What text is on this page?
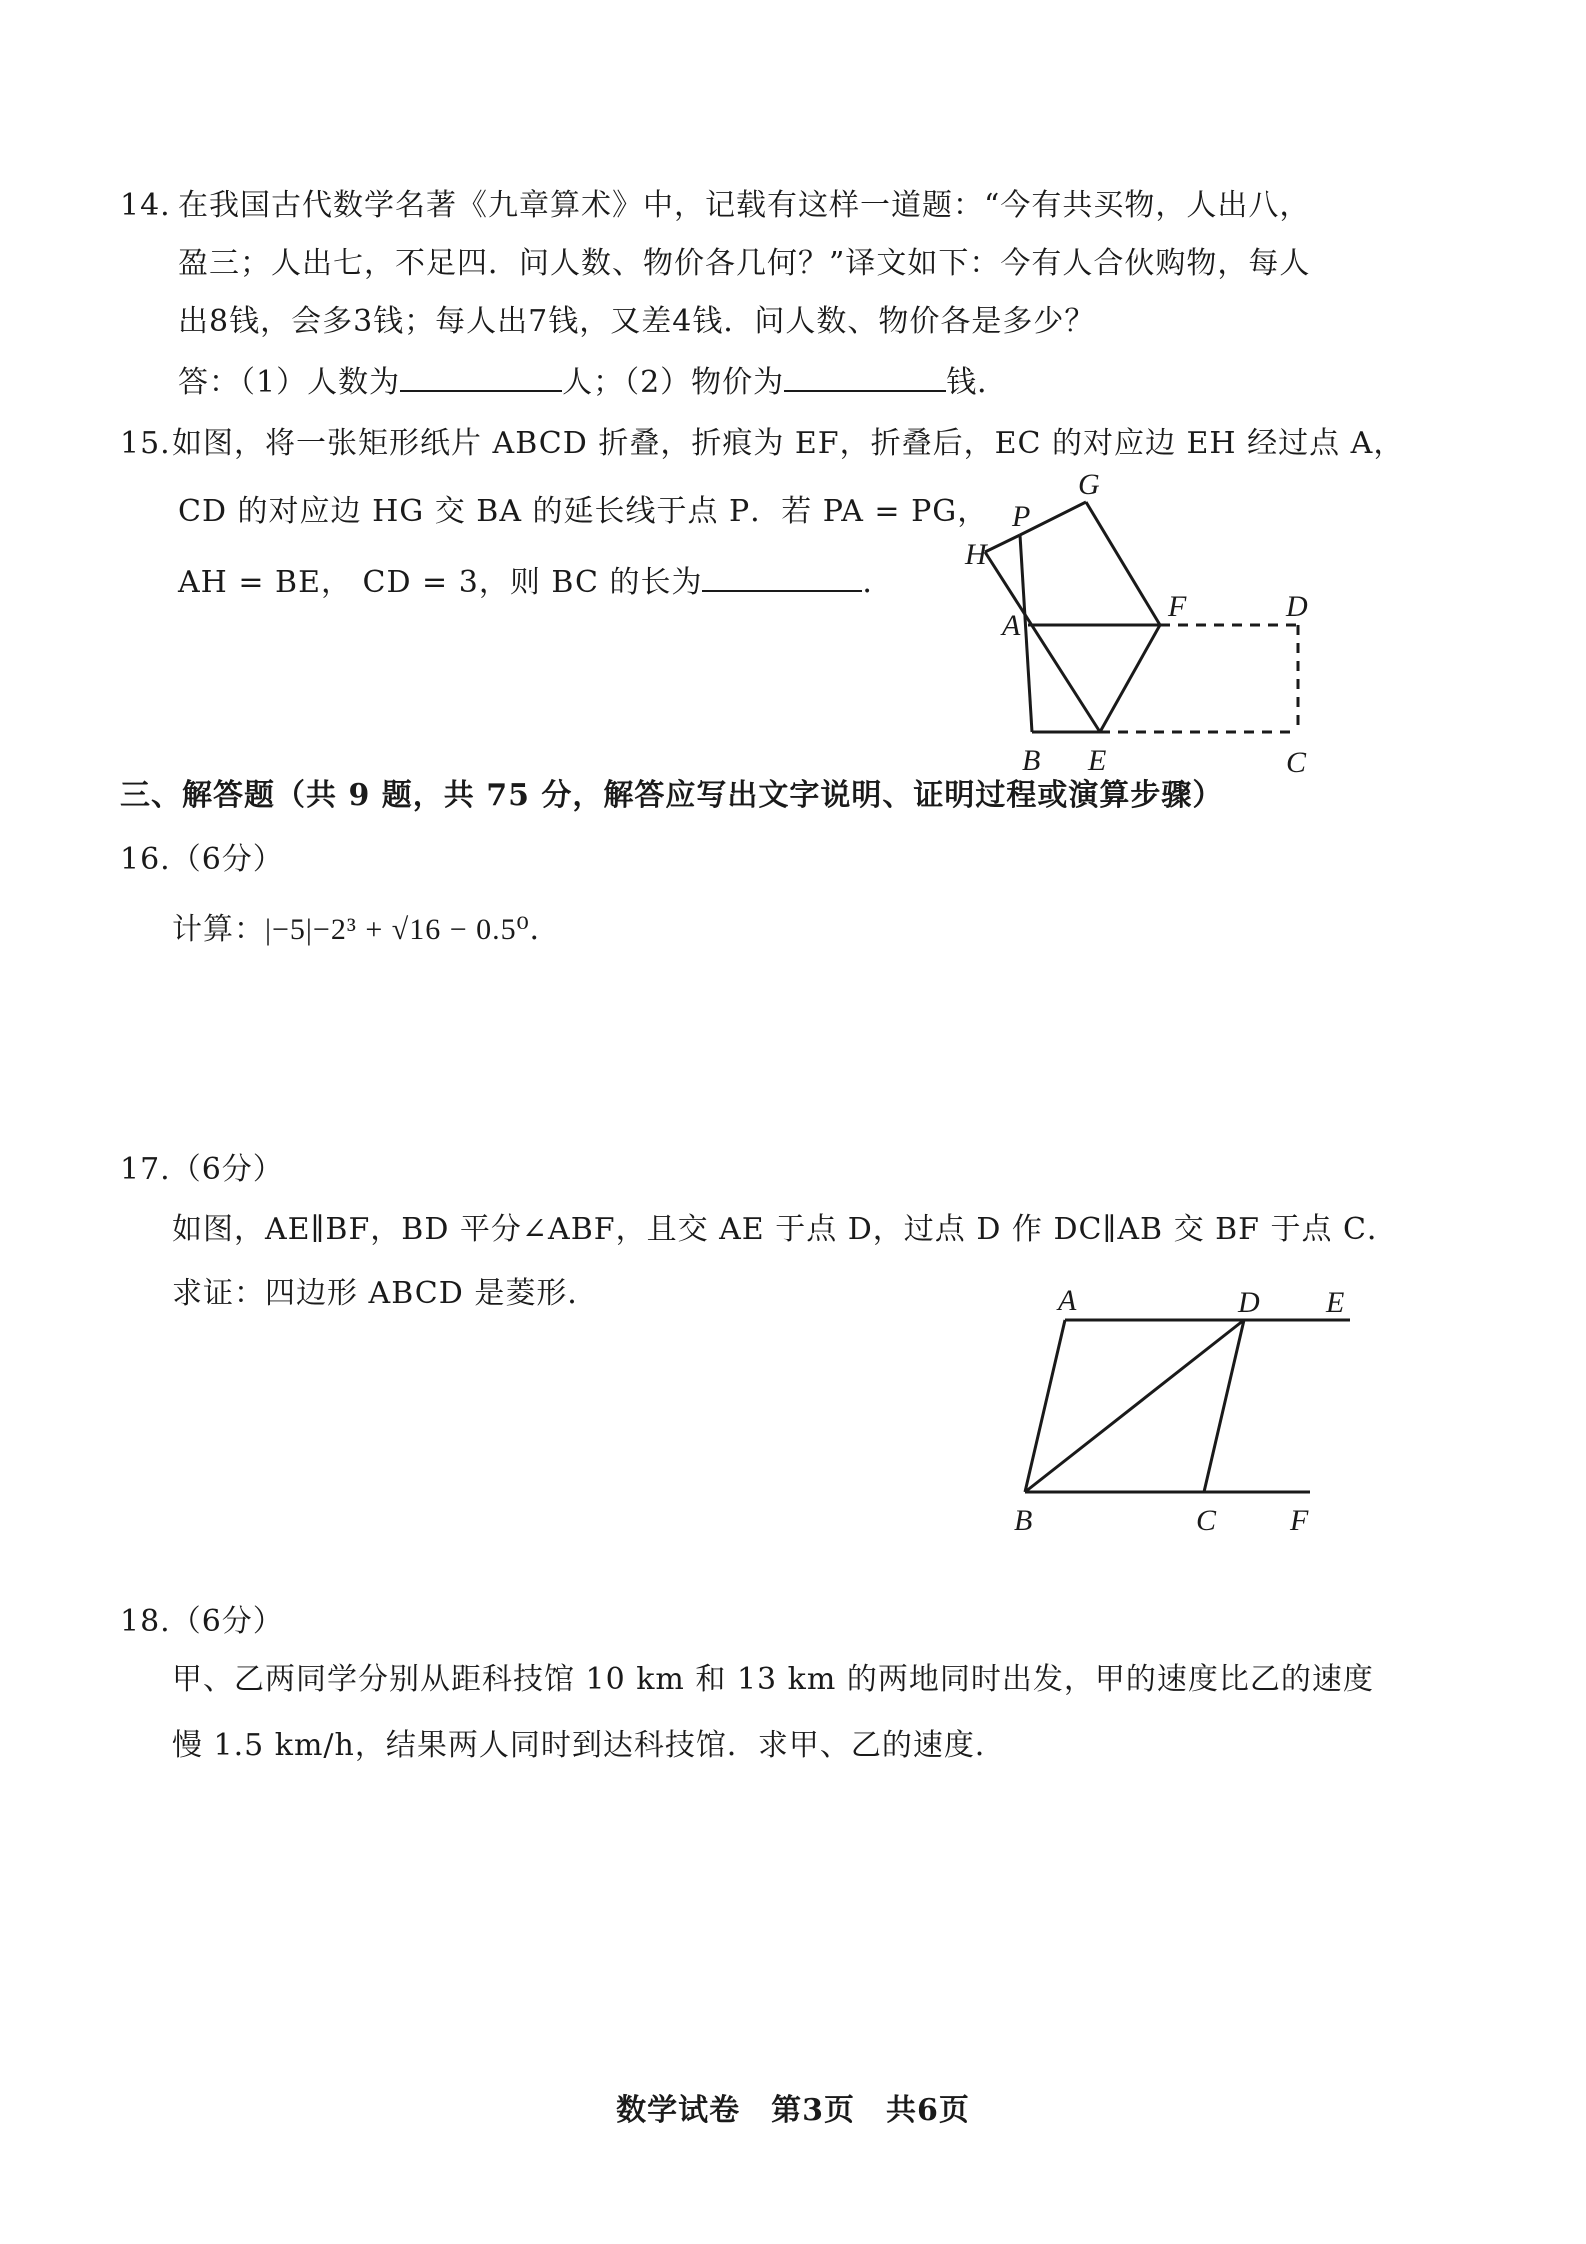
14. 在我国古代数学名著《九章算术》中，记载有这样一道题：“今有共买物，人出八，
盈三；人出七，不足四．问人数、物价各几何？”译文如下：今有人合伙购物，每人
出8钱，会多3钱；每人出7钱，又差4钱．问人数、物价各是多少？
答：（1）人数为	人；（2）物价为	钱．
15. 如图，将一张矩形纸片 ABCD 折叠，折痕为 EF，折叠后，EC 的对应边 EH 经过点 A，
CD 的对应边 HG 交 BA 的延长线于点 P．若 PA = PG，
AH = BE， CD = 3，则 BC 的长为	．
G
P
H
A
F	D
B E	C
三、解答题（共 9 题，共 75 分，解答应写出文字说明、证明过程或演算步骤）
16.（6分）
计算：|−5|−2³ + √16 − 0.5⁰．
17.（6分）
如图，AE∥BF，BD 平分∠ABF，且交 AE 于点 D，过点 D 作 DC∥AB 交 BF 于点 C．
求证：四边形 ABCD 是菱形．	A	D E
B	C F
18.（6分）
甲、乙两同学分别从距科技馆 10 km 和 13 km 的两地同时出发，甲的速度比乙的速度
慢 1.5 km/h，结果两人同时到达科技馆．求甲、乙的速度．
数学试卷　第3页　共6页
